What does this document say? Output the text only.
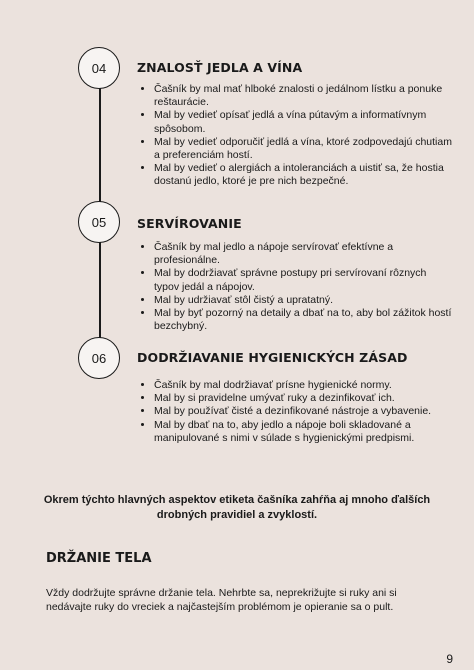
04 ZNALOSŤ JEDLA A VÍNA
• Čašník by mal mať hlboké znalosti o jedálnom lístku a ponuke reštaurácie.
• Mal by vedieť opísať jedlá a vína pútavým a informatívnym spôsobom.
• Mal by vedieť odporučiť jedlá a vína, ktoré zodpovedajú chutiam a preferenciám hostí.
• Mal by vedieť o alergiách a intoleranciách a uistiť sa, že hostia dostanú jedlo, ktoré je pre nich bezpečné.
05 SERVÍROVANIE
• Čašník by mal jedlo a nápoje servírovať efektívne a profesionálne.
• Mal by dodržiavať správne postupy pri servírovaní rôznych typov jedál a nápojov.
• Mal by udržiavať stôl čistý a upratatný.
• Mal by byť pozorný na detaily a dbať na to, aby bol zážitok hostí bezchybný.
06 DODRŽIAVANIE HYGIENICKÝCH ZÁSAD
• Čašník by mal dodržiavať prísne hygienické normy.
• Mal by si pravidelne umývať ruky a dezinfikovať ich.
• Mal by používať čisté a dezinfikované nástroje a vybavenie.
• Mal by dbať na to, aby jedlo a nápoje boli skladované a manipulované s nimi v súlade s hygienickými predpismi.
Okrem týchto hlavných aspektov etiketa čašníka zahŕňa aj mnoho ďalších drobných pravidiel a zvyklostí.
DRŽANIE TELA
Vždy dodržujte správne držanie tela. Nehrbte sa, neprekrižujte si ruky ani si nedávajte ruky do vreciek a najčastejším problémom je opieranie sa o pult.
9
